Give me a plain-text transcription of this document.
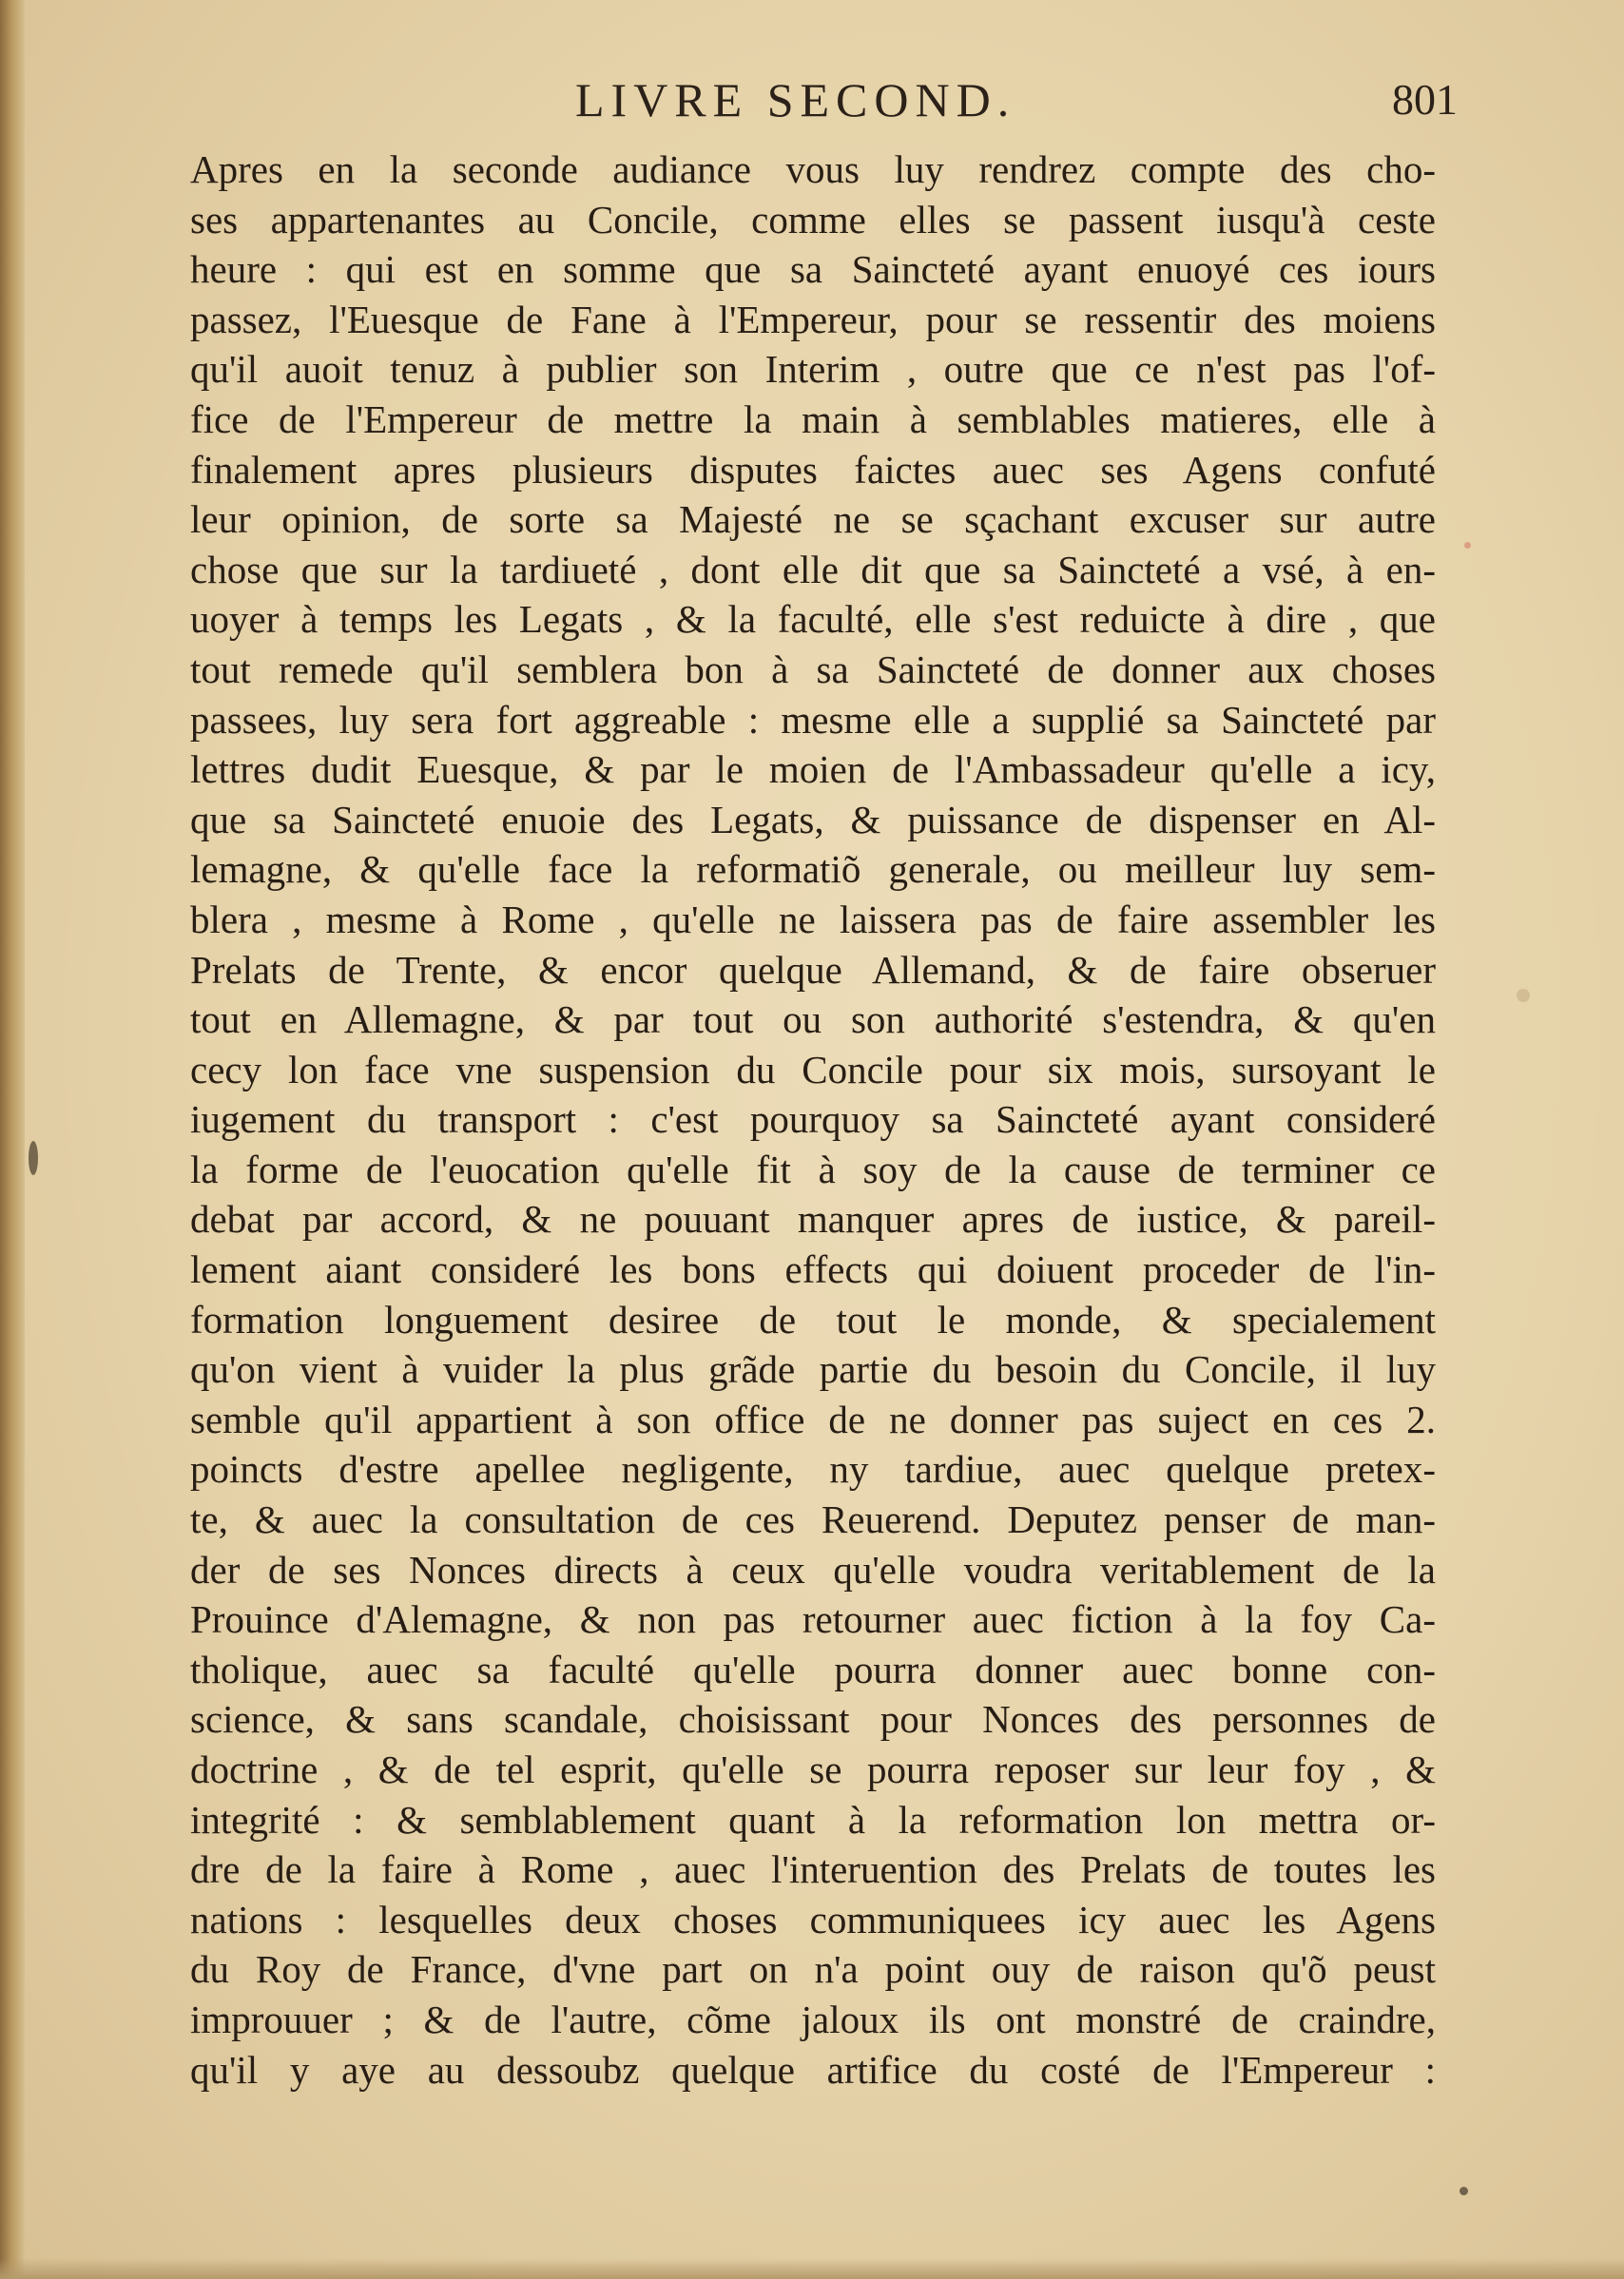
LIVRE SECOND.	801
Apres en la seconde audiance vous luy rendrez compte des cho-
ses appartenantes au Concile, comme elles se passent iusqu'à ceste
heure : qui est en somme que sa Saincteté ayant enuoyé ces iours
passez, l'Euesque de Fane à l'Empereur, pour se ressentir des moiens
qu'il auoit tenuz à publier son Interim , outre que ce n'est pas l'of-
fice de l'Empereur de mettre la main à semblables matieres, elle à
finalement apres plusieurs disputes faictes auec ses Agens confuté
leur opinion, de sorte sa Majesté ne se sçachant excuser sur autre
chose que sur la tardiueté , dont elle dit que sa Saincteté a vsé, à en-
uoyer à temps les Legats , & la faculté, elle s'est reduicte à dire , que
tout remede qu'il semblera bon à sa Saincteté de donner aux choses
passees, luy sera fort aggreable : mesme elle a supplié sa Saincteté par
lettres dudit Euesque, & par le moien de l'Ambassadeur qu'elle a icy,
que sa Saincteté enuoie des Legats, & puissance de dispenser en Al-
lemagne, & qu'elle face la reformatiõ generale, ou meilleur luy sem-
blera , mesme à Rome , qu'elle ne laissera pas de faire assembler les
Prelats de Trente, & encor quelque Allemand, & de faire obseruer
tout en Allemagne, & par tout ou son authorité s'estendra, & qu'en
cecy lon face vne suspension du Concile pour six mois, sursoyant le
iugement du transport : c'est pourquoy sa Saincteté ayant consideré
la forme de l'euocation qu'elle fit à soy de la cause de terminer ce
debat par accord, & ne pouuant manquer apres de iustice, & pareil-
lement aiant consideré les bons effects qui doiuent proceder de l'in-
formation longuement desiree de tout le monde, & specialement
qu'on vient à vuider la plus grãde partie du besoin du Concile, il luy
semble qu'il appartient à son office de ne donner pas suject en ces 2.
poincts d'estre apellee negligente, ny tardiue, auec quelque pretex-
te, & auec la consultation de ces Reuerend. Deputez penser de man-
der de ses Nonces directs à ceux qu'elle voudra veritablement de la
Prouince d'Alemagne, & non pas retourner auec fiction à la foy Ca-
tholique, auec sa faculté qu'elle pourra donner auec bonne con-
science, & sans scandale, choisissant pour Nonces des personnes de
doctrine , & de tel esprit, qu'elle se pourra reposer sur leur foy , &
integrité : & semblablement quant à la reformation lon mettra or-
dre de la faire à Rome , auec l'interuention des Prelats de toutes les
nations : lesquelles deux choses communiquees icy auec les Agens
du Roy de France, d'vne part on n'a point ouy de raison qu'õ peust
improuuer ; & de l'autre, cõme jaloux ils ont monstré de craindre,
qu'il y aye au dessoubz quelque artifice du costé de l'Empereur :
